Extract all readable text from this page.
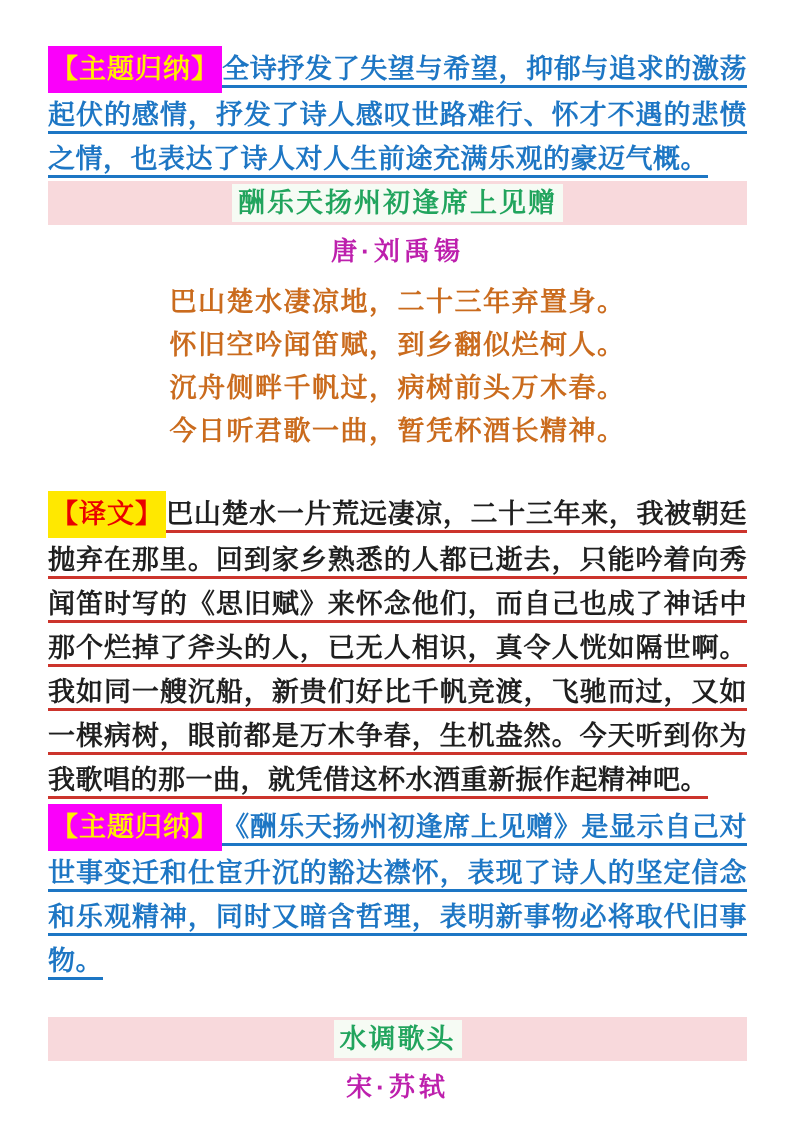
【主题归纳】 全诗抒发了失望与希望，抑郁与追求的激荡起伏的感情，抒发了诗人感叹世路难行、怀才不遇的悲愤之情，也表达了诗人对人生前途充满乐观的豪迈气概。

酬乐天扬州初逢席上见赠
唐·刘禹锡
巴山楚水凄凉地，二十三年弃置身。
怀旧空吟闻笛赋，到乡翻似烂柯人。
沉舟侧畔千帆过，病树前头万木春。
今日听君歌一曲，暂凭杯酒长精神。

【译文】 巴山楚水一片荒远凄凉，二十三年来，我被朝廷抛弃在那里。回到家乡熟悉的人都已逝去，只能吟着向秀闻笛时写的《思旧赋》来怀念他们，而自己也成了神话中那个烂掉了斧头的人，已无人相识，真令人恍如隔世啊。我如同一艘沉船，新贵们好比千帆竞渡，飞驰而过，又如一棵病树，眼前都是万木争春，生机盎然。今天听到你为我歌唱的那一曲，就凭借这杯水酒重新振作起精神吧。

【主题归纳】 《酬乐天扬州初逢席上见赠》是显示自己对世事变迁和仕宦升沉的豁达襟怀，表现了诗人的坚定信念和乐观精神，同时又暗含哲理，表明新事物必将取代旧事物。

水调歌头
宋·苏轼
